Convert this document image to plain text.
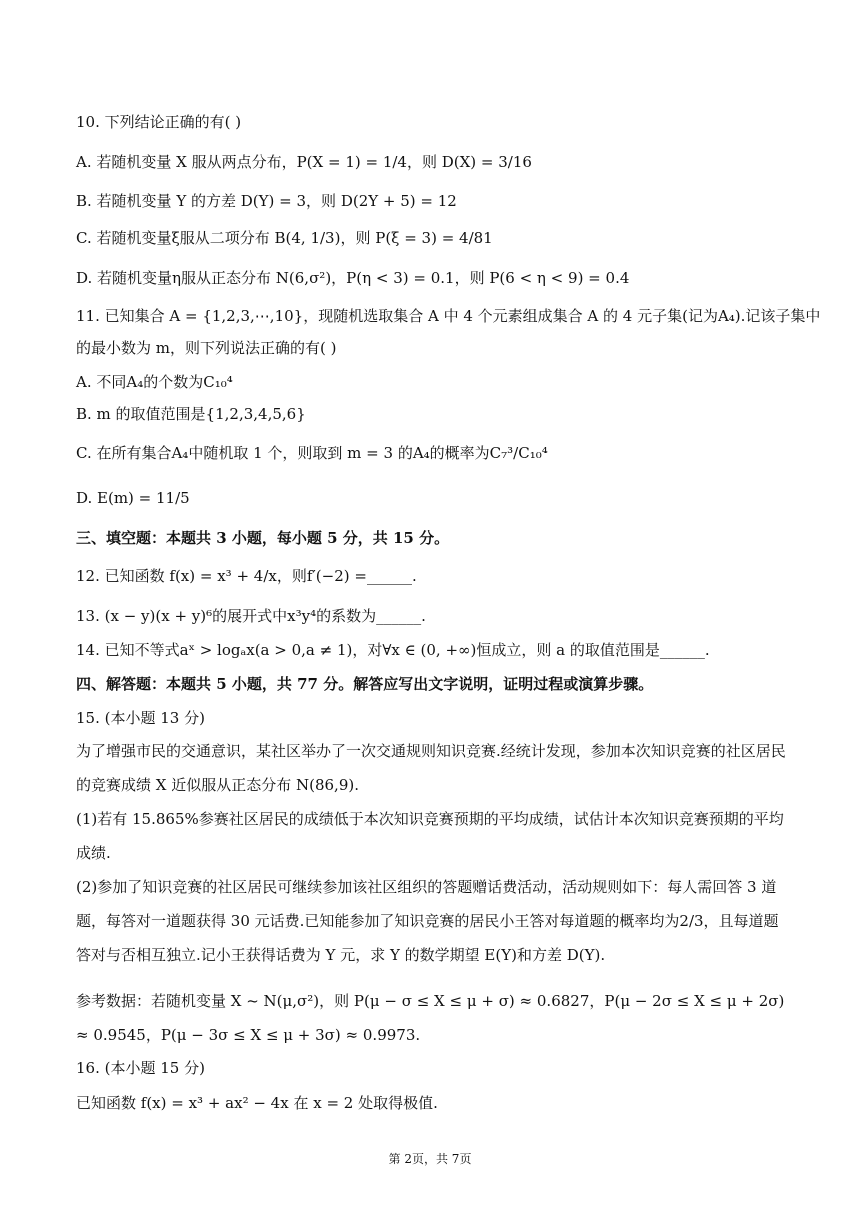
10. 下列结论正确的有( )
A. 若随机变量 X 服从两点分布，P(X = 1) = 1/4，则 D(X) = 3/16
B. 若随机变量 Y 的方差 D(Y) = 3，则 D(2Y + 5) = 12
C. 若随机变量ξ服从二项分布 B(4, 1/3)，则 P(ξ = 3) = 4/81
D. 若随机变量η服从正态分布 N(6,σ²)，P(η < 3) = 0.1，则 P(6 < η < 9) = 0.4
11. 已知集合 A = {1,2,3,⋯,10}，现随机选取集合 A 中 4 个元素组成集合 A 的 4 元子集(记为A₄).记该子集中
的最小数为 m，则下列说法正确的有( )
A. 不同A₄的个数为C₁₀⁴
B. m 的取值范围是{1,2,3,4,5,6}
C. 在所有集合A₄中随机取 1 个，则取到 m = 3 的A₄的概率为C₇³/C₁₀⁴
D. E(m) = 11/5
三、填空题：本题共 3 小题，每小题 5 分，共 15 分。
12. 已知函数 f(x) = x³ + 4/x，则f′(−2) =______.
13. (x − y)(x + y)⁶的展开式中x³y⁴的系数为______.
14. 已知不等式aˣ > logₐx(a > 0,a ≠ 1)，对∀x ∈ (0, +∞)恒成立，则 a 的取值范围是______.
四、解答题：本题共 5 小题，共 77 分。解答应写出文字说明，证明过程或演算步骤。
15. (本小题 13 分)
为了增强市民的交通意识，某社区举办了一次交通规则知识竞赛.经统计发现，参加本次知识竞赛的社区居民的竞赛成绩 X 近似服从正态分布 N(86,9).
(1)若有 15.865%参赛社区居民的成绩低于本次知识竞赛预期的平均成绩，试估计本次知识竞赛预期的平均成绩.
(2)参加了知识竞赛的社区居民可继续参加该社区组织的答题赠话费活动，活动规则如下：每人需回答 3 道题，每答对一道题获得 30 元话费.已知能参加了知识竞赛的居民小王答对每道题的概率均为2/3，且每道题答对与否相互独立.记小王获得话费为 Y 元，求 Y 的数学期望 E(Y)和方差 D(Y).
参考数据：若随机变量 X ~ N(μ,σ²)，则 P(μ − σ ≤ X ≤ μ + σ) ≈ 0.6827，P(μ − 2σ ≤ X ≤ μ + 2σ) ≈ 0.9545，P(μ − 3σ ≤ X ≤ μ + 3σ) ≈ 0.9973.
16. (本小题 15 分)
已知函数 f(x) = x³ + ax² − 4x 在 x = 2 处取得极值.
第 2页，共 7页
